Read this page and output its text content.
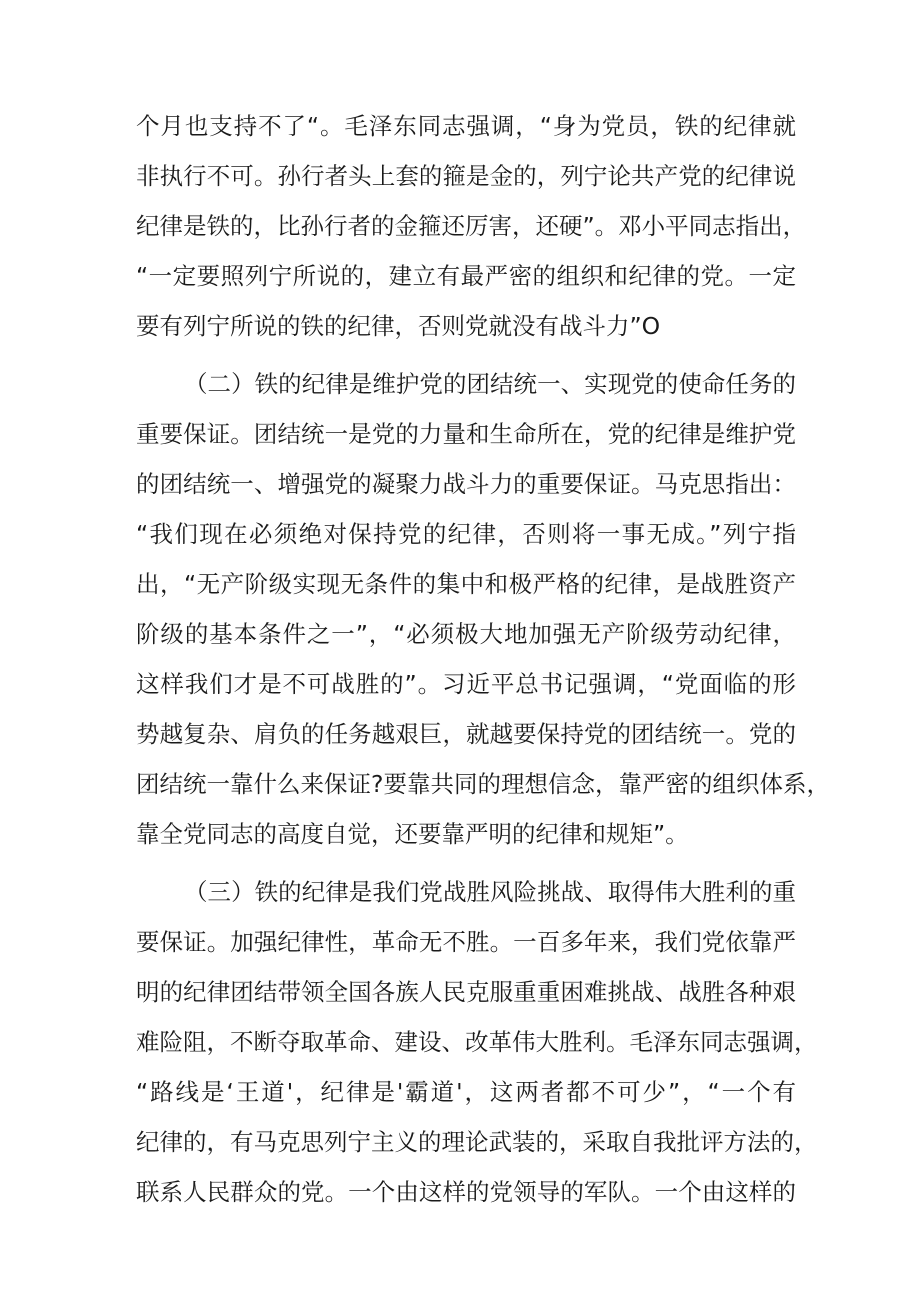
个月也支持不了“。毛泽东同志强调，“身为党员，铁的纪律就
非执行不可。孙行者头上套的箍是金的，列宁论共产党的纪律说
纪律是铁的，比孙行者的金箍还厉害，还硬”。邓小平同志指出，
“一定要照列宁所说的，建立有最严密的组织和纪律的党。一定
要有列宁所说的铁的纪律，否则党就没有战斗力”O
（二）铁的纪律是维护党的团结统一、实现党的使命任务的
重要保证。团结统一是党的力量和生命所在，党的纪律是维护党
的团结统一、增强党的凝聚力战斗力的重要保证。马克思指出：
“我们现在必须绝对保持党的纪律，否则将一事无成。”列宁指
出，“无产阶级实现无条件的集中和极严格的纪律，是战胜资产
阶级的基本条件之一”，“必须极大地加强无产阶级劳动纪律，
这样我们才是不可战胜的”。习近平总书记强调，“党面临的形
势越复杂、肩负的任务越艰巨，就越要保持党的团结统一。党的
团结统一靠什么来保证?要靠共同的理想信念，靠严密的组织体系，
靠全党同志的高度自觉，还要靠严明的纪律和规矩”。
（三）铁的纪律是我们党战胜风险挑战、取得伟大胜利的重
要保证。加强纪律性，革命无不胜。一百多年来，我们党依靠严
明的纪律团结带领全国各族人民克服重重困难挑战、战胜各种艰
难险阻，不断夺取革命、建设、改革伟大胜利。毛泽东同志强调，
“路线是‘王道'，纪律是'霸道'，这两者都不可少”，“一个有
纪律的，有马克思列宁主义的理论武装的，采取自我批评方法的，
联系人民群众的党。一个由这样的党领导的军队。一个由这样的
